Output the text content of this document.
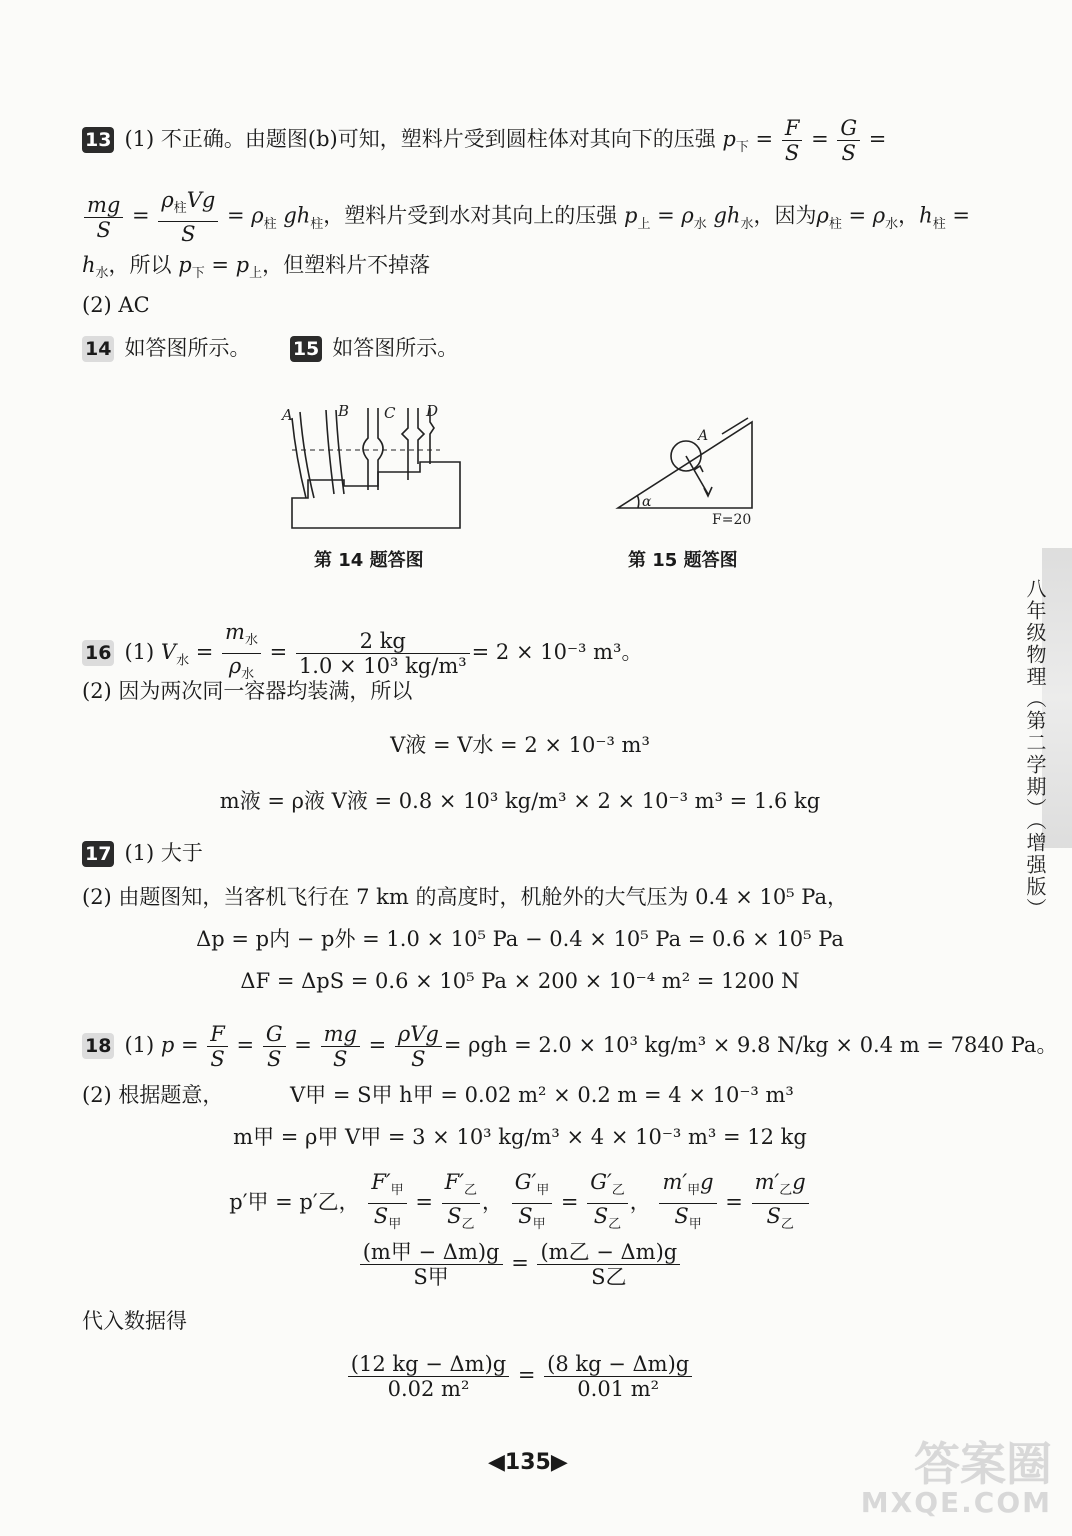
13 (1) 不正确。由题图(b)可知，塑料片受到圆柱体对其向下的压强 $p_下 = \frac{F}{S} = \frac{G}{S}$ =
$\frac{mg}{S} = \frac{\rho_柱Vg}{S} = \rho_柱$ $gh_柱$，塑料片受到水对其向上的压强 $p_上 = \rho_水$ $gh_水$，因为$\rho_柱 = \rho_水$，$h_柱$ =
$h_水$，所以 $p_下 = p_上$，但塑料片不掉落
(2) AC
14 如答图所示。 15 如答图所示。
A	B C D
第 14 题答图
A
α
F=20
第 15 题答图
16 (1) $V_水 = \frac{m_水}{\rho_水} = \frac{2 kg}{\text{1.0 × 10³ kg/m³}} = 2 \times 10^{-3}$ m³。
(2) 因为两次同一容器均装满，所以
V液 = V水 = 2 × 10⁻³ m³
m液 = ρ液 V液 = 0.8 × 10³ kg/m³ × 2 × 10⁻³ m³ = 1.6 kg
17 (1) 大于
(2) 由题图知，当客机飞行在 7 km 的高度时，机舱外的大气压为 0.4 × 10⁵ Pa，
Δp = p内 − p外 = 1.0 × 10⁵ Pa − 0.4 × 10⁵ Pa = 0.6 × 10⁵ Pa
ΔF = ΔpS = 0.6 × 10⁵ Pa × 200 × 10⁻⁴ m² = 1200 N
18 (1) $p = \frac{F}{S} = \frac{G}{S} = \frac{mg}{S} = \frac{\text{ρVg}}{S} = \rho gh = 2.0 \times 10^3$ kg/m³ × 9.8 N/kg × 0.4 m = 7840 Pa。
(2) 根据题意，	V甲 = S甲 h甲 = 0.02 m² × 0.2 m = 4 × 10⁻³ m³
m甲 = ρ甲 V甲 = 3 × 10³ kg/m³ × 4 × 10⁻³ m³ = 12 kg
p′甲 = p′乙， $\frac{F'_甲}{S_甲} = \frac{F'_乙}{S_乙}$ ， $\frac{G'_甲}{S_甲} = \frac{G'_乙}{S_乙}$ ， $\frac{m'_甲g}{S_甲} = \frac{m'_乙g}{S_乙}$
$\frac{\text{(m甲 − Δm)g}}{\text{S甲}} = \frac{\text{(m乙 − Δm)g}}{\text{S乙}}$
代入数据得
$\frac{(12 kg - \Delta m)g}{\text{0.02 m²}} = \frac{(8 kg - \Delta m)g}{\text{0.01 m²}}$
八年级物理（第二学期）（增强版）
◀135▶	答案圈
MXQE.COM
